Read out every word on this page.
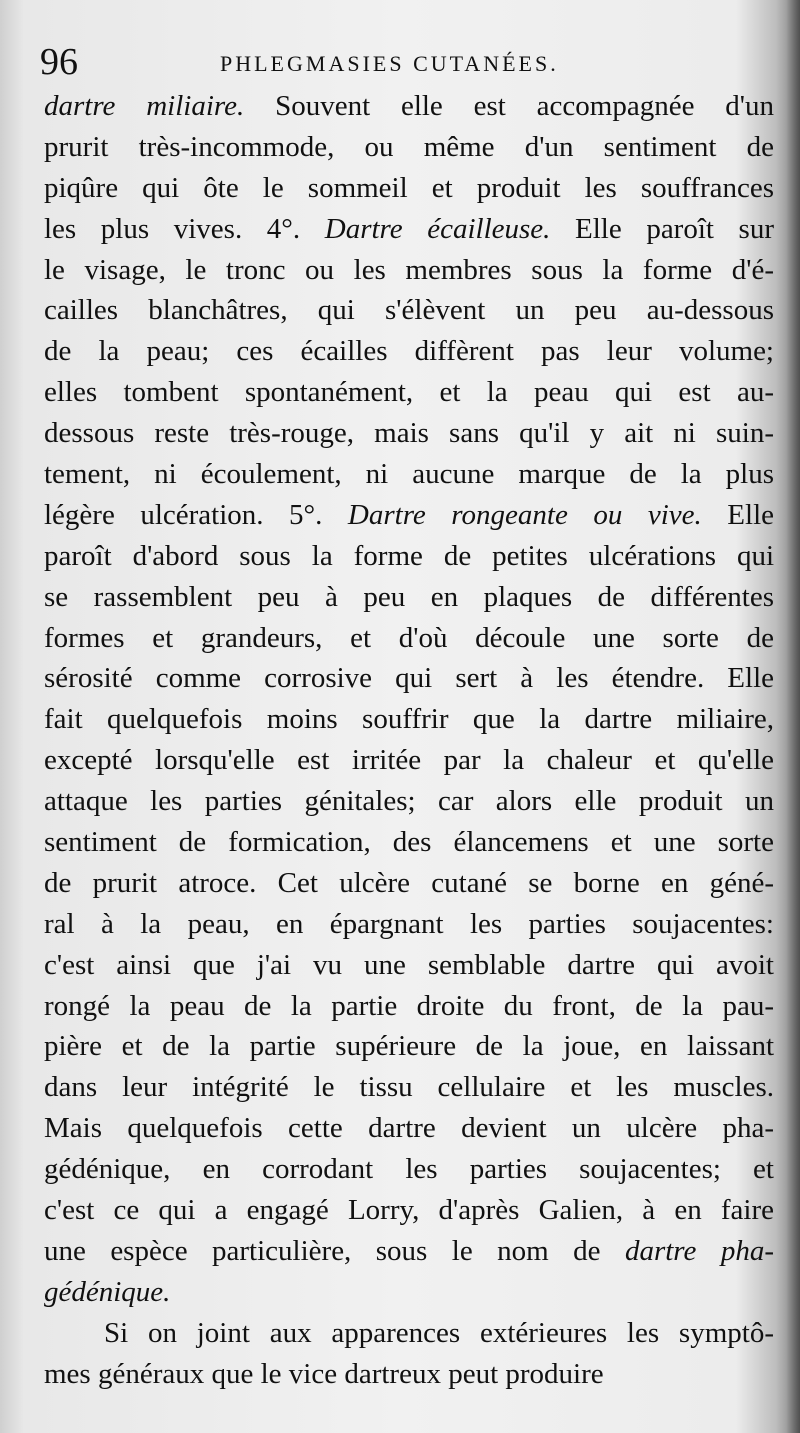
96	PHLEGMASIES CUTANÉES.
dartre miliaire. Souvent elle est accompagnée d'un
prurit très-incommode, ou même d'un sentiment de
piqûre qui ôte le sommeil et produit les souffrances
les plus vives. 4°. Dartre écailleuse. Elle paroît sur
le visage, le tronc ou les membres sous la forme d'é-
cailles blanchâtres, qui s'élèvent un peu au-dessous
de la peau; ces écailles diffèrent pas leur volume;
elles tombent spontanément, et la peau qui est au-
dessous reste très-rouge, mais sans qu'il y ait ni suin-
tement, ni écoulement, ni aucune marque de la plus
légère ulcération. 5°. Dartre rongeante ou vive. Elle
paroît d'abord sous la forme de petites ulcérations qui
se rassemblent peu à peu en plaques de différentes
formes et grandeurs, et d'où découle une sorte de
sérosité comme corrosive qui sert à les étendre. Elle
fait quelquefois moins souffrir que la dartre miliaire,
excepté lorsqu'elle est irritée par la chaleur et qu'elle
attaque les parties génitales; car alors elle produit un
sentiment de formication, des élancemens et une sorte
de prurit atroce. Cet ulcère cutané se borne en géné-
ral à la peau, en épargnant les parties soujacentes:
c'est ainsi que j'ai vu une semblable dartre qui avoit
rongé la peau de la partie droite du front, de la pau-
pière et de la partie supérieure de la joue, en laissant
dans leur intégrité le tissu cellulaire et les muscles.
Mais quelquefois cette dartre devient un ulcère pha-
gédénique, en corrodant les parties soujacentes; et
c'est ce qui a engagé Lorry, d'après Galien, à en faire
une espèce particulière, sous le nom de dartre pha-
gédénique.
Si on joint aux apparences extérieures les symptô-
mes généraux que le vice dartreux peut produire
